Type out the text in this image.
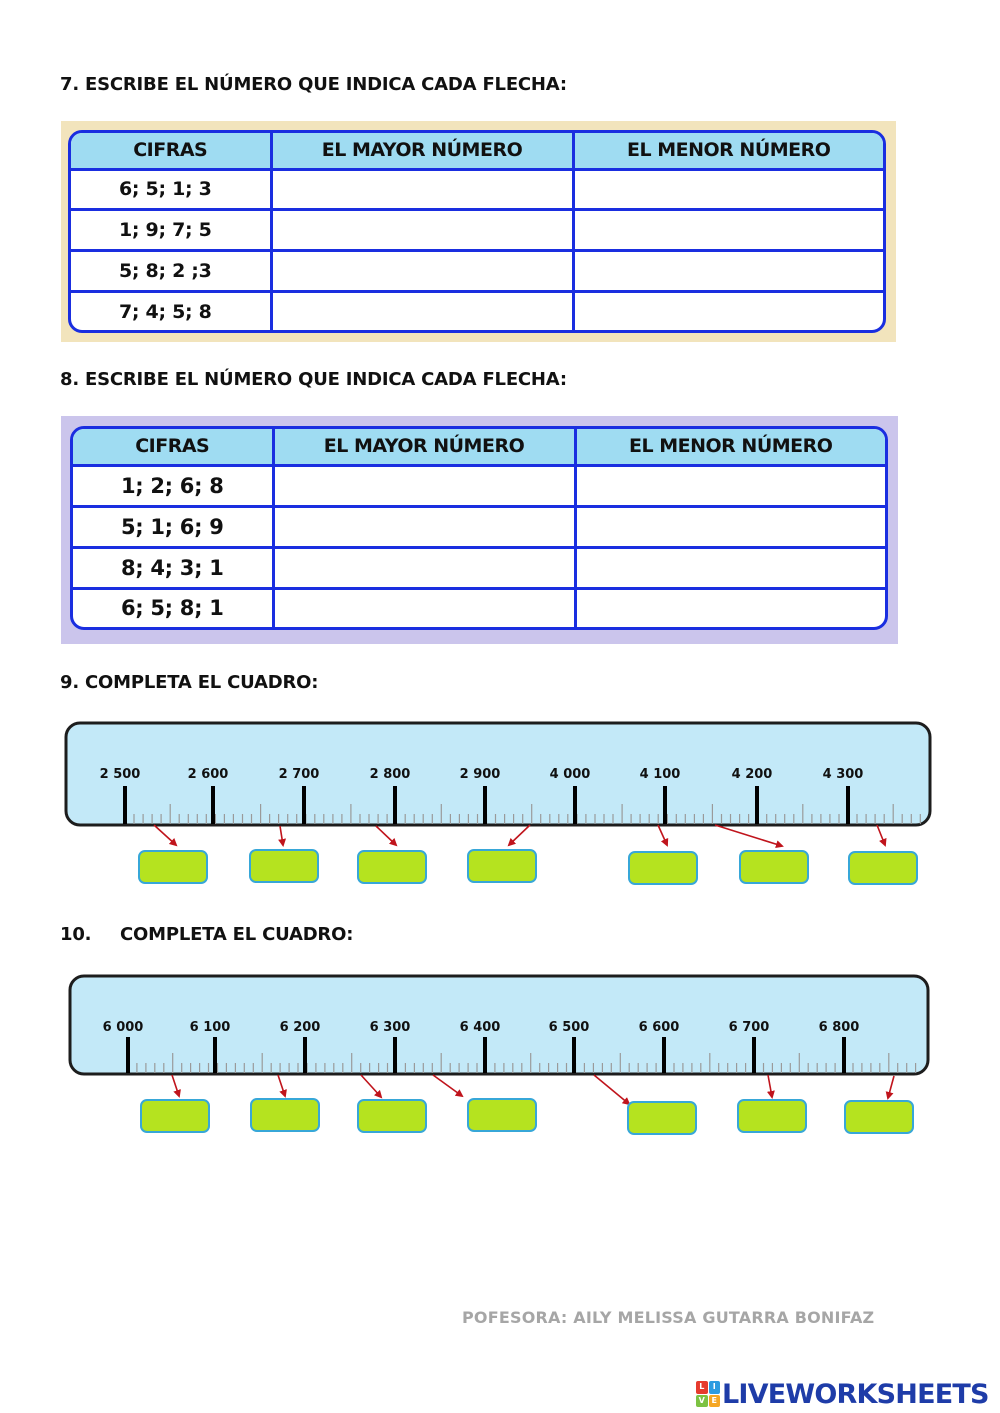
7. ESCRIBE EL NÚMERO QUE INDICA CADA FLECHA:
CIFRAS	EL MAYOR NÚMERO	EL MENOR NÚMERO
6; 5; 1; 3		
1; 9; 7; 5		
5; 8; 2 ;3		
7; 4; 5; 8		
8. ESCRIBE EL NÚMERO QUE INDICA CADA FLECHA:
CIFRAS	EL MAYOR NÚMERO	EL MENOR NÚMERO
1; 2; 6; 8		
5; 1; 6; 9		
8; 4; 3; 1		
6; 5; 8; 1		
9. COMPLETA EL CUADRO:
10. COMPLETA EL CUADRO:
2 500	2 600	2 700	2 800	2 900	4 000	4 100	4 200	4 300
6 000	6 100	6 200	6 300	6 400	6 500	6 600	6 700	6 800
POFESORA: AILY MELISSA GUTARRA BONIFAZ
L	I
V E LIVEWORKSHEETS
